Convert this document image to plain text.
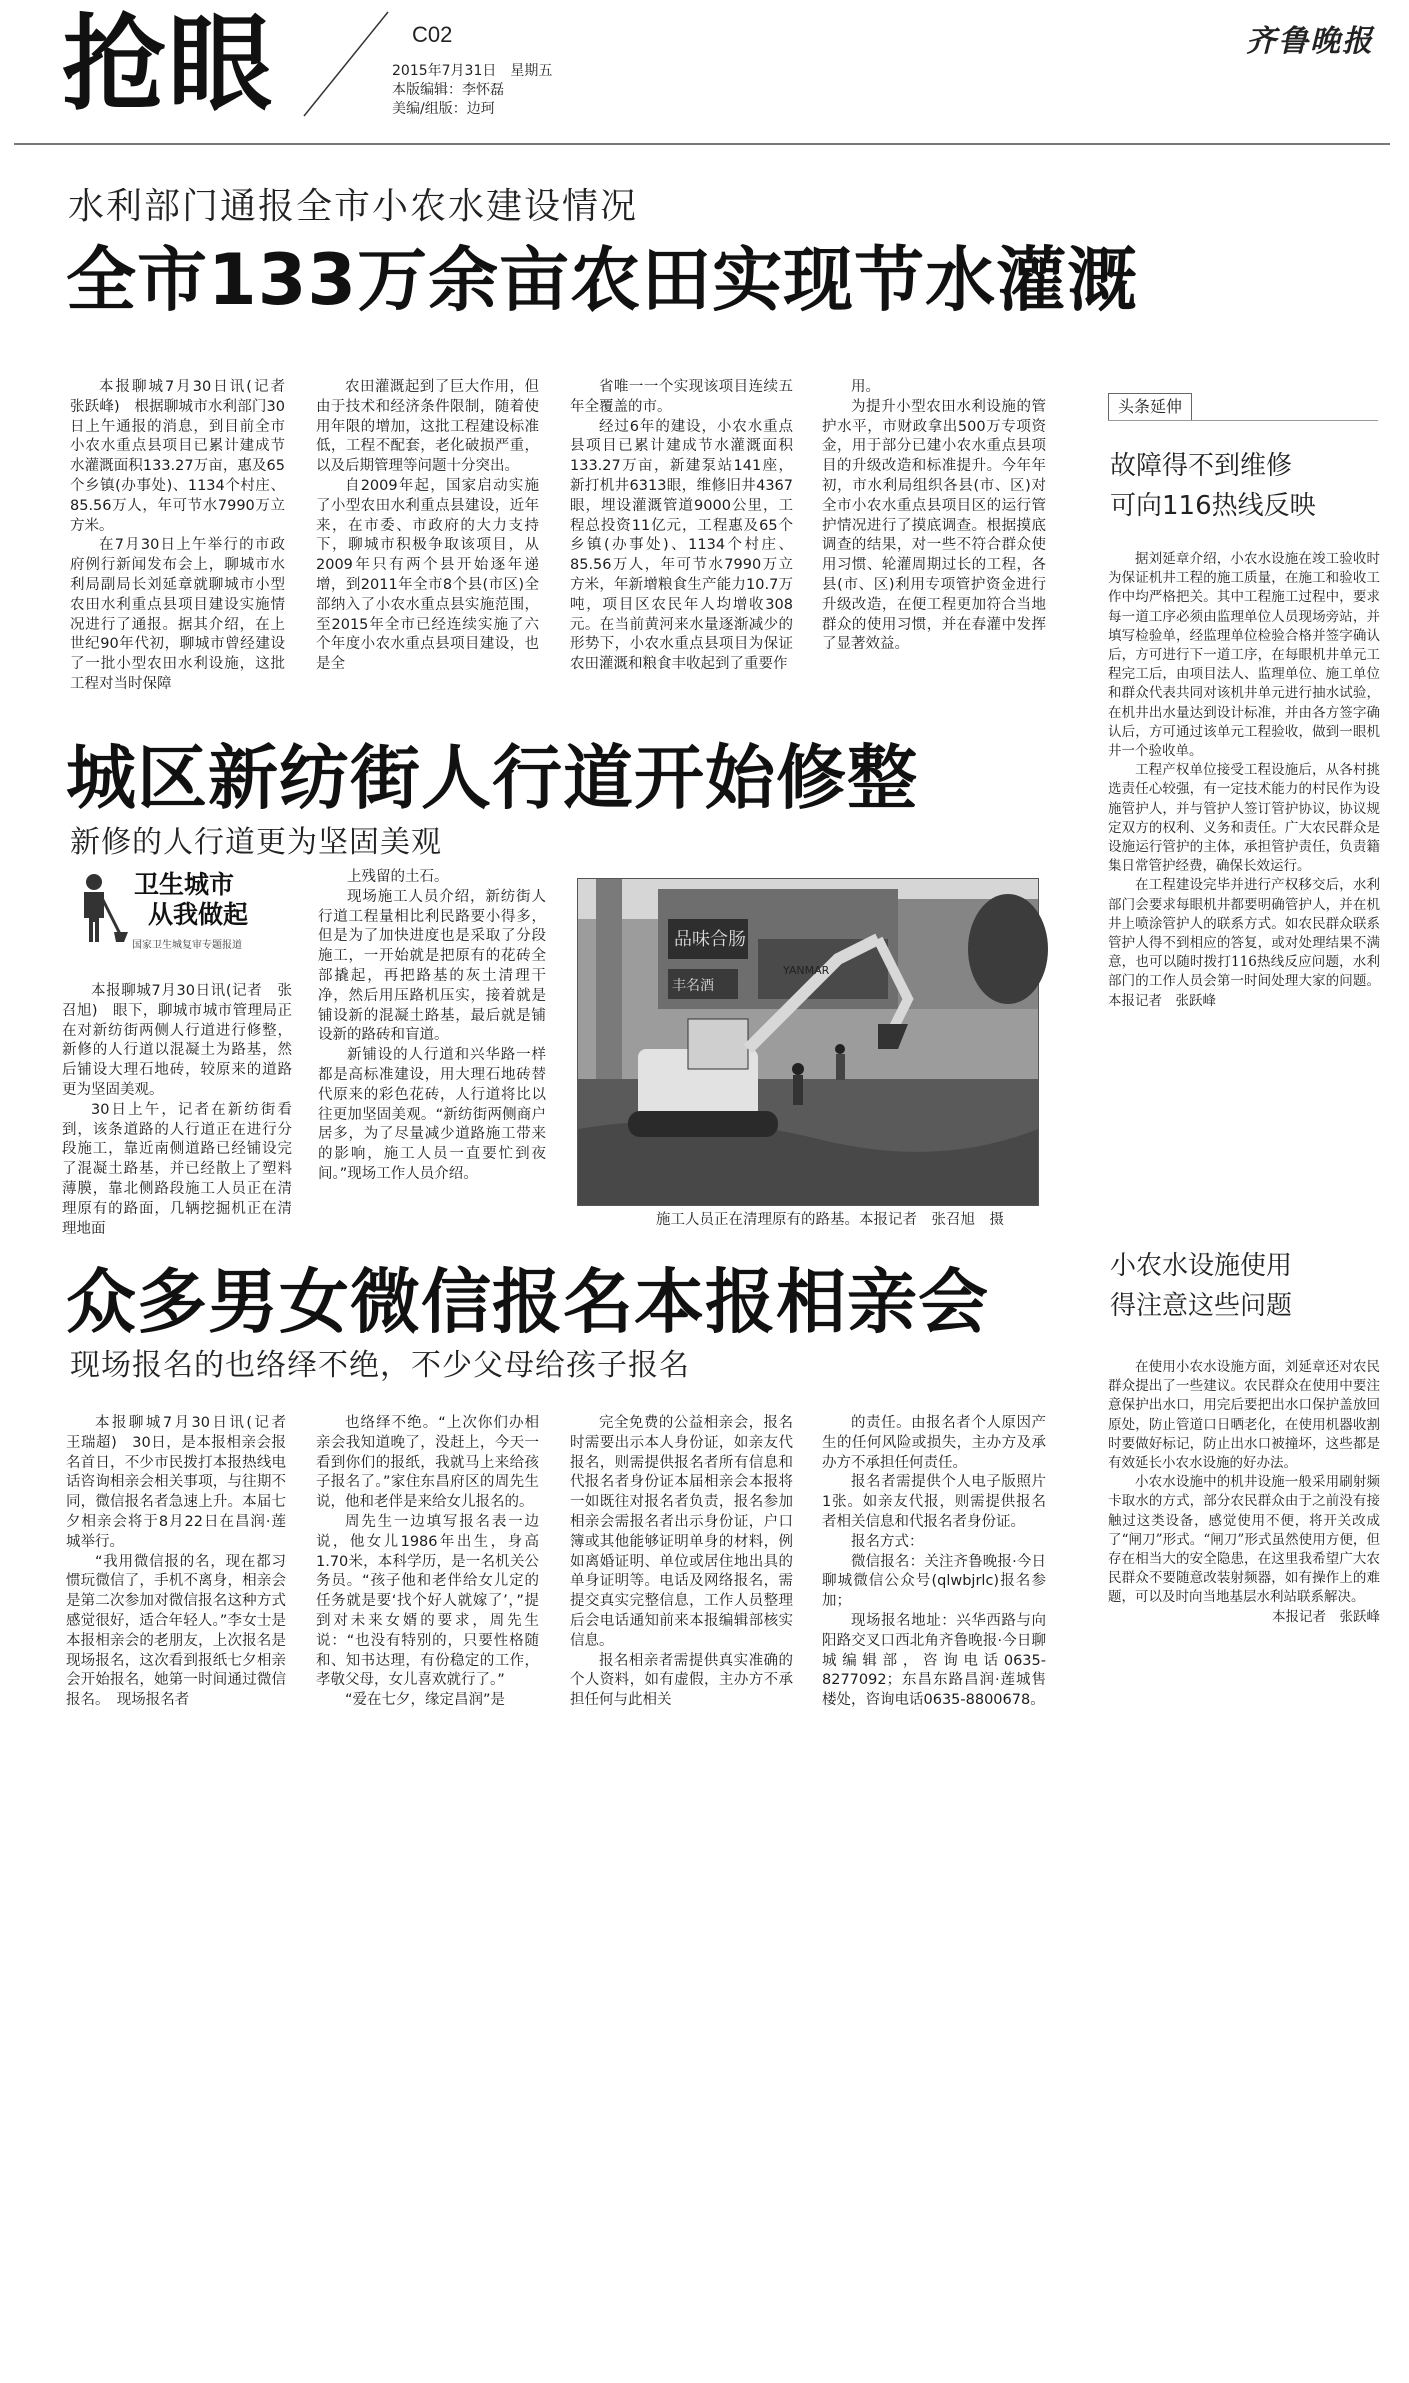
抢眼	C02
2015年7月31日　星期五
本版编辑：李怀磊
美编/组版：边珂
齐鲁晚报
水利部门通报全市小农水建设情况
全市133万余亩农田实现节水灌溉

本报聊城7月30日讯(记者　张跃峰)　根据聊城市水利部门30日上午通报的消息，到目前全市小农水重点县项目已累计建成节水灌溉面积133.27万亩，惠及65个乡镇(办事处)、1134个村庄、85.56万人，年可节水7990万立方米。

在7月30日上午举行的市政府例行新闻发布会上，聊城市水利局副局长刘延章就聊城市小型农田水利重点县项目建设实施情况进行了通报。据其介绍，在上世纪90年代初，聊城市曾经建设了一批小型农田水利设施，这批工程对当时保障

农田灌溉起到了巨大作用，但由于技术和经济条件限制，随着使用年限的增加，这批工程建设标准低，工程不配套，老化破损严重，以及后期管理等问题十分突出。

自2009年起，国家启动实施了小型农田水利重点县建设，近年来，在市委、市政府的大力支持下，聊城市积极争取该项目，从2009年只有两个县开始逐年递增，到2011年全市8个县(市区)全部纳入了小农水重点县实施范围，至2015年全市已经连续实施了六个年度小农水重点县项目建设，也是全

省唯一一个实现该项目连续五年全覆盖的市。

经过6年的建设，小农水重点县项目已累计建成节水灌溉面积133.27万亩，新建泵站141座，新打机井6313眼，维修旧井4367眼，埋设灌溉管道9000公里，工程总投资11亿元，工程惠及65个乡镇(办事处)、1134个村庄、85.56万人，年可节水7990万立方米，年新增粮食生产能力10.7万吨，项目区农民年人均增收308元。在当前黄河来水量逐渐减少的形势下，小农水重点县项目为保证农田灌溉和粮食丰收起到了重要作

用。

为提升小型农田水利设施的管护水平，市财政拿出500万专项资金，用于部分已建小农水重点县项目的升级改造和标准提升。今年年初，市水利局组织各县(市、区)对全市小农水重点县项目区的运行管护情况进行了摸底调查。根据摸底调查的结果，对一些不符合群众使用习惯、轮灌周期过长的工程，各县(市、区)利用专项管护资金进行升级改造，在便工程更加符合当地群众的使用习惯，并在春灌中发挥了显著效益。

头条延伸
故障得不到维修
可向116热线反映

据刘延章介绍，小农水设施在竣工验收时为保证机井工程的施工质量，在施工和验收工作中均严格把关。其中工程施工过程中，要求每一道工序必须由监理单位人员现场旁站，并填写检验单，经监理单位检验合格并签字确认后，方可进行下一道工序，在每眼机井单元工程完工后，由项目法人、监理单位、施工单位和群众代表共同对该机井单元进行抽水试验，在机井出水量达到设计标准，并由各方签字确认后，方可通过该单元工程验收，做到一眼机井一个验收单。

工程产权单位接受工程设施后，从各村挑选责任心较强，有一定技术能力的村民作为设施管护人，并与管护人签订管护协议，协议规定双方的权利、义务和责任。广大农民群众是设施运行管护的主体，承担管护责任，负责籍集日常管护经费，确保长效运行。

在工程建设完毕并进行产权移交后，水利部门会要求每眼机井都要明确管护人，并在机井上喷涂管护人的联系方式。如农民群众联系管护人得不到相应的答复，或对处理结果不满意，也可以随时拨打116热线反应问题，水利部门的工作人员会第一时间处理大家的问题。本报记者　张跃峰

小农水设施使用
得注意这些问题

在使用小农水设施方面，刘延章还对农民群众提出了一些建议。农民群众在使用中要注意保护出水口，用完后要把出水口保护盖放回原处，防止管道口日晒老化，在使用机器收割时要做好标记，防止出水口被撞坏，这些都是有效延长小农水设施的好办法。

小农水设施中的机井设施一般采用刷射频卡取水的方式，部分农民群众由于之前没有接触过这类设备，感觉使用不便，将开关改成了“闸刀”形式。“闸刀”形式虽然使用方便，但存在相当大的安全隐患，在这里我希望广大农民群众不要随意改装射频器，如有操作上的难题，可以及时向当地基层水利站联系解决。

本报记者　张跃峰

城区新纺街人行道开始修整
新修的人行道更为坚固美观
卫生城市
从我做起
国家卫生城复审专题报道

本报聊城7月30日讯(记者　张召旭)　眼下，聊城市城市管理局正在对新纺街两侧人行道进行修整，新修的人行道以混凝土为路基，然后铺设大理石地砖，较原来的道路更为坚固美观。

30日上午，记者在新纺街看到，该条道路的人行道正在进行分段施工，靠近南侧道路已经铺设完了混凝土路基，并已经散上了塑料薄膜，靠北侧路段施工人员正在清理原有的路面，几辆挖掘机正在清理地面

上残留的土石。

现场施工人员介绍，新纺街人行道工程量相比利民路要小得多，但是为了加快进度也是采取了分段施工，一开始就是把原有的花砖全部撬起，再把路基的灰土清理干净，然后用压路机压实，接着就是铺设新的混凝土路基，最后就是铺设新的路砖和盲道。

新铺设的人行道和兴华路一样都是高标准建设，用大理石地砖替代原来的彩色花砖，人行道将比以往更加坚固美观。“新纺街两侧商户居多，为了尽量减少道路施工带来的影响，施工人员一直要忙到夜间。”现场工作人员介绍。

品味合肠
丰名酒
YANMAR
施工人员正在清理原有的路基。本报记者　张召旭　摄
众多男女微信报名本报相亲会
现场报名的也络绎不绝，不少父母给孩子报名

本报聊城7月30日讯(记者　王瑞超)　30日，是本报相亲会报名首日，不少市民拨打本报热线电话咨询相亲会相关事项，与往期不同，微信报名者急速上升。本届七夕相亲会将于8月22日在昌润·莲城举行。

“我用微信报的名，现在都习惯玩微信了，手机不离身，相亲会是第二次参加对微信报名这种方式感觉很好，适合年轻人。”李女士是本报相亲会的老朋友，上次报名是现场报名，这次看到报纸七夕相亲会开始报名，她第一时间通过微信报名。　现场报名者

也络绎不绝。“上次你们办相亲会我知道晚了，没赶上，今天一看到你们的报纸，我就马上来给孩子报名了。”家住东昌府区的周先生说，他和老伴是来给女儿报名的。

周先生一边填写报名表一边说，他女儿1986年出生，身高1.70米，本科学历，是一名机关公务员。“孩子他和老伴给女儿定的任务就是要‘找个好人就嫁了’，”提到对未来女婿的要求，周先生说：“也没有特别的，只要性格随和、知书达理，有份稳定的工作，孝敬父母，女儿喜欢就行了。”

“爱在七夕，缘定昌润”是

完全免费的公益相亲会，报名时需要出示本人身份证，如亲友代报名，则需提供报名者所有信息和代报名者身份证本届相亲会本报将一如既往对报名者负责，报名参加相亲会需报名者出示身份证，户口簿或其他能够证明单身的材料，例如离婚证明、单位或居住地出具的单身证明等。电话及网络报名，需提交真实完整信息，工作人员整理后会电话通知前来本报编辑部核实信息。

报名相亲者需提供真实准确的个人资料，如有虚假，主办方不承担任何与此相关

的责任。由报名者个人原因产生的任何风险或损失，主办方及承办方不承担任何责任。

报名者需提供个人电子版照片1张。如亲友代报，则需提供报名者相关信息和代报名者身份证。

报名方式：

微信报名：关注齐鲁晚报·今日聊城微信公众号(qlwbjrlc)报名参加；

现场报名地址：兴华西路与向阳路交叉口西北角齐鲁晚报·今日聊城编辑部，咨询电话0635-8277092；东昌东路昌润·莲城售楼处，咨询电话0635-8800678。
